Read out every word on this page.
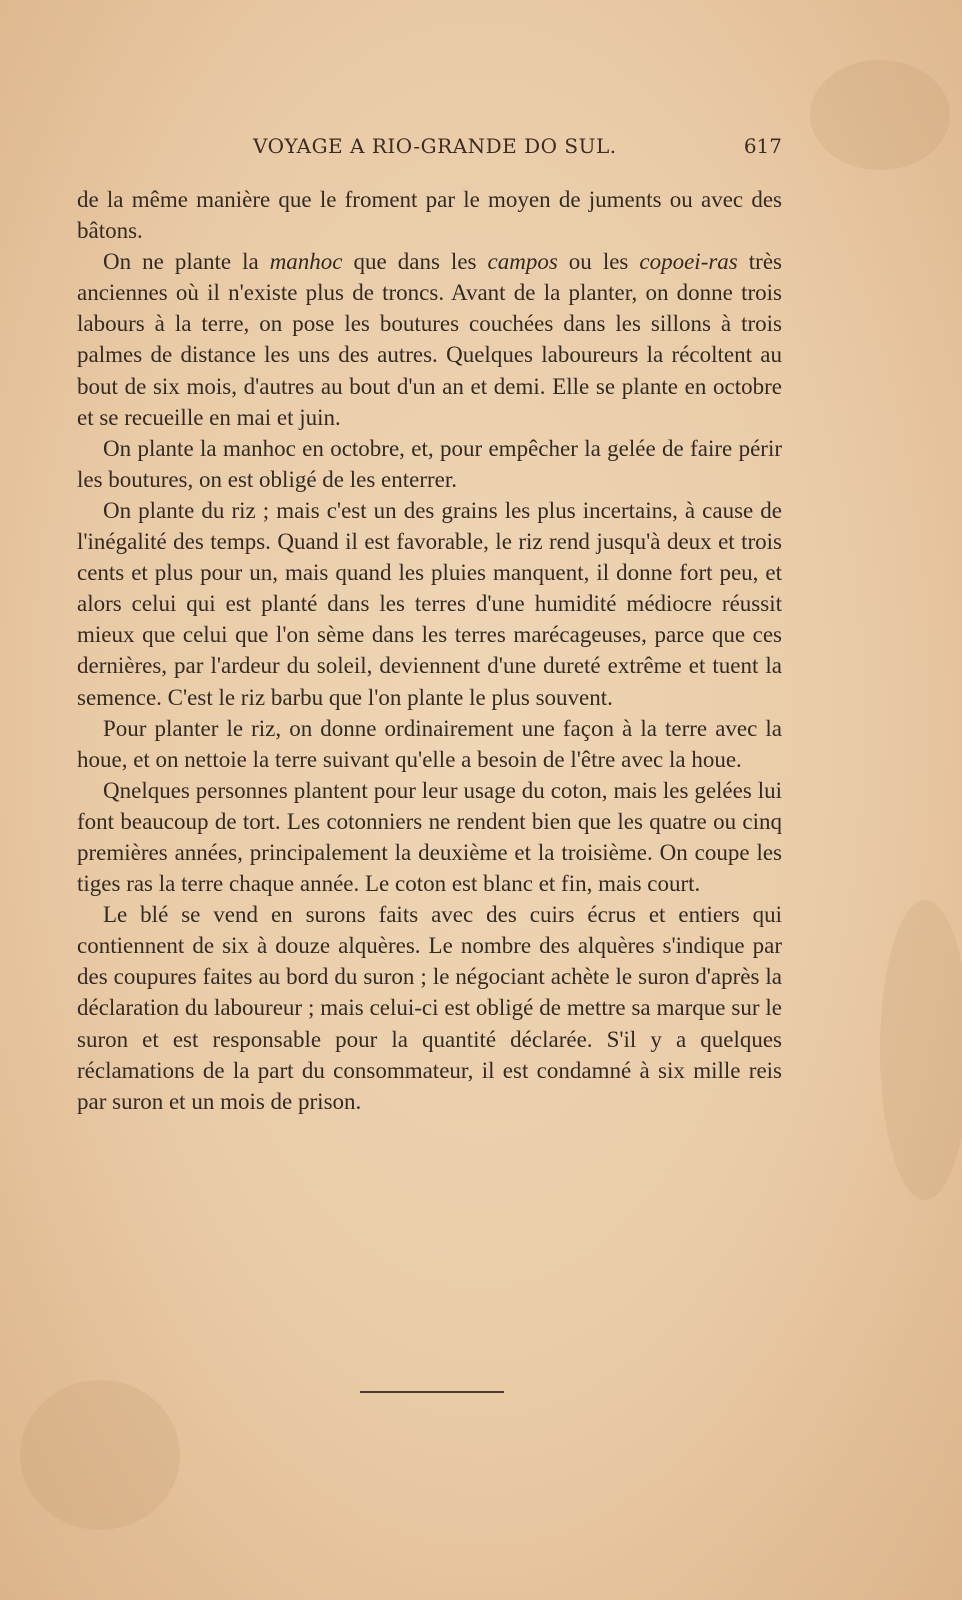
VOYAGE A RIO-GRANDE DO SUL.	617

de la même manière que le froment par le moyen de juments ou avec des bâtons.

On ne plante la manhoc que dans les campos ou les copoei-ras très anciennes où il n'existe plus de troncs. Avant de la planter, on donne trois labours à la terre, on pose les boutures couchées dans les sillons à trois palmes de distance les uns des autres. Quelques laboureurs la récoltent au bout de six mois, d'autres au bout d'un an et demi. Elle se plante en octobre et se recueille en mai et juin.

On plante la manhoc en octobre, et, pour empêcher la gelée de faire périr les boutures, on est obligé de les enterrer.

On plante du riz ; mais c'est un des grains les plus incertains, à cause de l'inégalité des temps. Quand il est favorable, le riz rend jusqu'à deux et trois cents et plus pour un, mais quand les pluies manquent, il donne fort peu, et alors celui qui est planté dans les terres d'une humidité médiocre réussit mieux que celui que l'on sème dans les terres marécageuses, parce que ces dernières, par l'ardeur du soleil, deviennent d'une dureté extrême et tuent la semence. C'est le riz barbu que l'on plante le plus souvent.

Pour planter le riz, on donne ordinairement une façon à la terre avec la houe, et on nettoie la terre suivant qu'elle a besoin de l'être avec la houe.

Qnelques personnes plantent pour leur usage du coton, mais les gelées lui font beaucoup de tort. Les cotonniers ne rendent bien que les quatre ou cinq premières années, principalement la deuxième et la troisième. On coupe les tiges ras la terre chaque année. Le coton est blanc et fin, mais court.

Le blé se vend en surons faits avec des cuirs écrus et entiers qui contiennent de six à douze alquères. Le nombre des alquères s'indique par des coupures faites au bord du suron ; le négociant achète le suron d'après la déclaration du laboureur ; mais celui-ci est obligé de mettre sa marque sur le suron et est responsable pour la quantité déclarée. S'il y a quelques réclamations de la part du consommateur, il est condamné à six mille reis par suron et un mois de prison.
